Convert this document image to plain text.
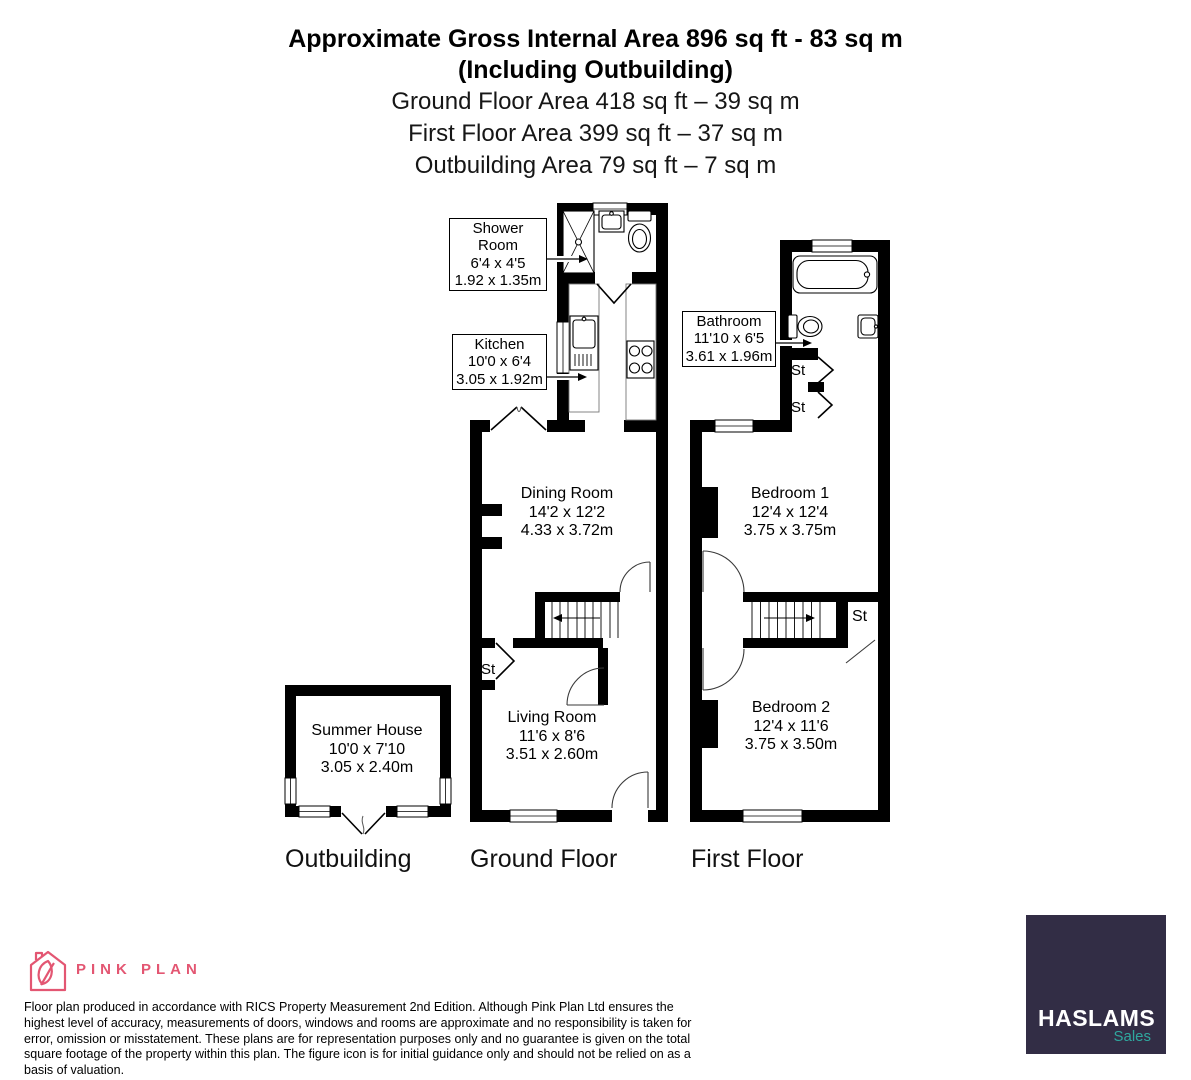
Approximate Gross Internal Area 896 sq ft - 83 sq m
(Including Outbuilding)
Ground Floor Area 418 sq ft – 39 sq m
First Floor Area 399 sq ft – 37 sq m
Outbuilding Area 79 sq ft – 7 sq m
Shower Room
6'4 x 4'5
1.92 x 1.35m
Kitchen
10'0 x 6'4
3.05 x 1.92m
Bathroom
11'10 x 6'5
3.61 x 1.96m
Dining Room
14'2 x 12'2
4.33 x 3.72m
Bedroom 1
12'4 x 12'4
3.75 x 3.75m
Living Room
11'6 x 8'6
3.51 x 2.60m
Bedroom 2
12'4 x 11'6
3.75 x 3.50m
Summer House
10'0 x 7'10
3.05 x 2.40m
St
St
St
St
Outbuilding Ground Floor	First Floor
PINK PLAN
Floor plan produced in accordance with RICS Property Measurement 2nd Edition. Although Pink Plan Ltd ensures the highest level of accuracy, measurements of doors, windows and rooms are approximate and no responsibility is taken for error, omission or misstatement. These plans are for representation purposes only and no guarantee is given on the total square footage of the property within this plan. The figure icon is for initial guidance only and should not be relied on as a basis of valuation.
HASLAMS
Sales
